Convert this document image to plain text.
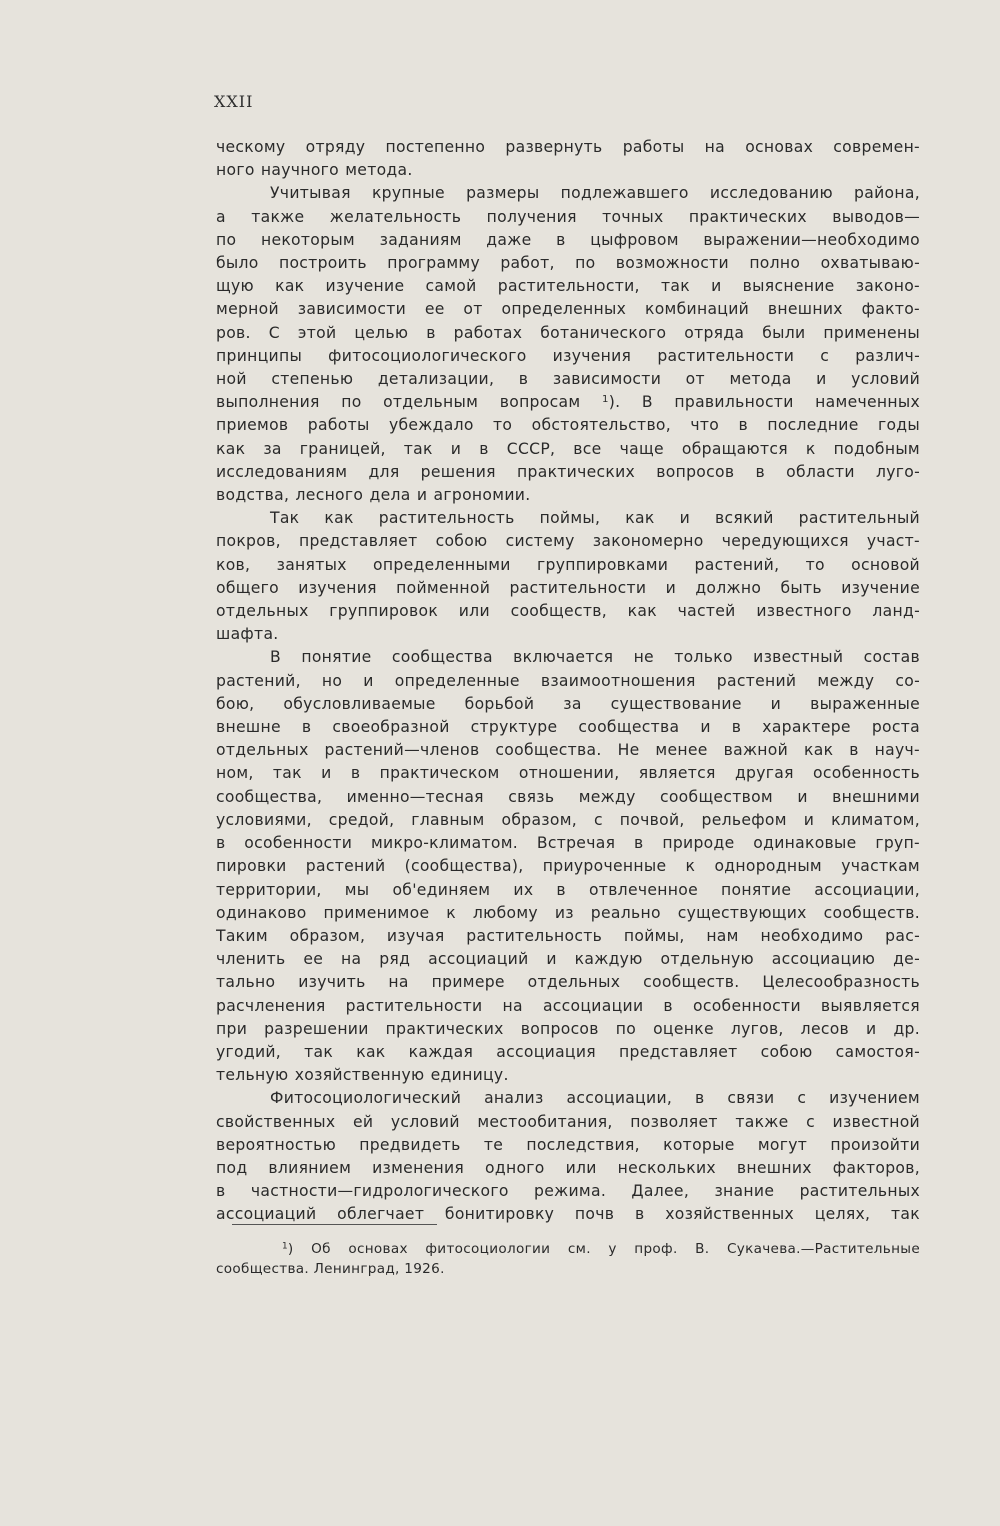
XXII
ческому отряду постепенно развернуть работы на основах современ-
ного научного метода.
Учитывая крупные размеры подлежавшего исследованию района,
а также желательность получения точных практических выводов—
по некоторым заданиям даже в цыфровом выражении—необходимо
было построить программу работ, по возможности полно охватываю-
щую как изучение самой растительности, так и выяснение законо-
мерной зависимости ее от определенных комбинаций внешних факто-
ров. С этой целью в работах ботанического отряда были применены
принципы фитосоциологического изучения растительности с различ-
ной степенью детализации, в зависимости от метода и условий
выполнения по отдельным вопросам $^1$). В правильности намеченных
приемов работы убеждало то обстоятельство, что в последние годы
как за границей, так и в СССР, все чаще обращаются к подобным
исследованиям для решения практических вопросов в области луго-
водства, лесного дела и агрономии.
Так как растительность поймы, как и всякий растительный
покров, представляет собою систему закономерно чередующихся участ-
ков, занятых определенными группировками растений, то основой
общего изучения пойменной растительности и должно быть изучение
отдельных группировок или сообществ, как частей известного ланд-
шафта.
В понятие сообщества включается не только известный состав
растений, но и определенные взаимоотношения растений между со-
бою, обусловливаемые борьбой за существование и выраженные
внешне в своеобразной структуре сообщества и в характере роста
отдельных растений—членов сообщества. Не менее важной как в науч-
ном, так и в практическом отношении, является другая особенность
сообщества, именно—тесная связь между сообществом и внешними
условиями, средой, главным образом, с почвой, рельефом и климатом,
в особенности микро-климатом. Встречая в природе одинаковые груп-
пировки растений (сообщества), приуроченные к однородным участкам
территории, мы об'единяем их в отвлеченное понятие ассоциации,
одинаково применимое к любому из реально существующих сообществ.
Таким образом, изучая растительность поймы, нам необходимо рас-
членить ее на ряд ассоциаций и каждую отдельную ассоциацию де-
тально изучить на примере отдельных сообществ. Целесообразность
расчленения растительности на ассоциации в особенности выявляется
при разрешении практических вопросов по оценке лугов, лесов и др.
угодий, так как каждая ассоциация представляет собою самостоя-
тельную хозяйственную единицу.
Фитосоциологический анализ ассоциации, в связи с изучением
свойственных ей условий местообитания, позволяет также с известной
вероятностью предвидеть те последствия, которые могут произойти
под влиянием изменения одного или нескольких внешних факторов,
в частности—гидрологического режима. Далее, знание растительных
ассоциаций облегчает бонитировку почв в хозяйственных целях, так
$^1$) Об основах фитосоциологии см. у проф. В. Сукачева.—Растительные
сообщества. Ленинград, 1926.
